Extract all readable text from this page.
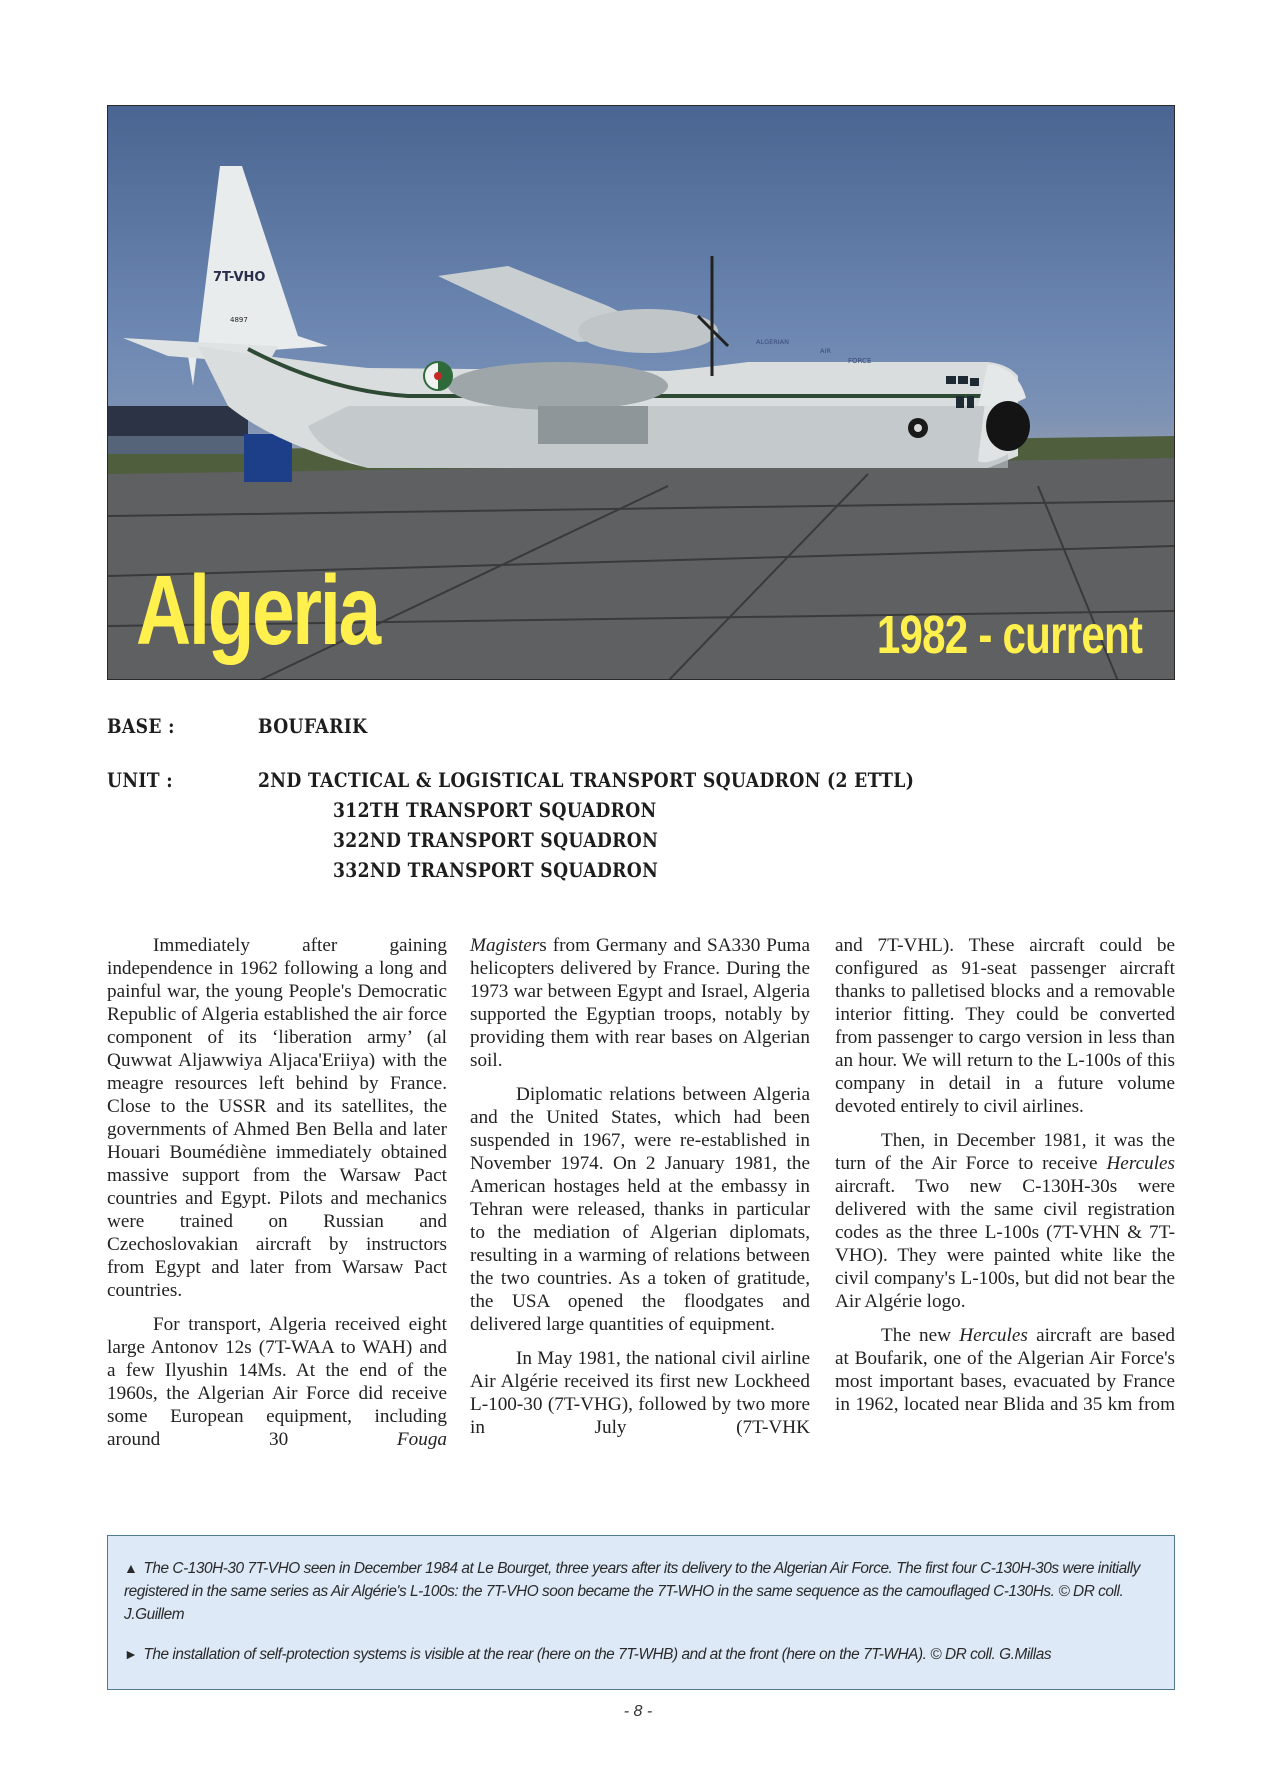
7T-VHO
4897
ALGERIAN
AIR
FORCE
Algeria	1982 - current
BASE :	BOUFARIK
UNIT :	2ND TACTICAL & LOGISTICAL TRANSPORT SQUADRON (2 ETTL)
312TH TRANSPORT SQUADRON
322ND TRANSPORT SQUADRON
332ND TRANSPORT SQUADRON

Immediately after gaining independence in 1962 following a long and painful war, the young People's Democratic Republic of Algeria established the air force component of its ‘liberation army’ (al Quwwat Aljawwiya Aljaca'Eriiya) with the meagre resources left behind by France. Close to the USSR and its satellites, the governments of Ahmed Ben Bella and later Houari Boumédiène immediately obtained massive support from the Warsaw Pact countries and Egypt. Pilots and mechanics were trained on Russian and Czechoslovakian aircraft by instructors from Egypt and later from Warsaw Pact countries.

For transport, Algeria received eight large Antonov 12s (7T-WAA to WAH) and a few Ilyushin 14Ms. At the end of the 1960s, the Algerian Air Force did receive some European equipment, including around 30	Fouga

Magisters from Germany and SA330 Puma helicopters delivered by France. During the 1973 war between Egypt and Israel, Algeria supported the Egyptian troops, notably by providing them with rear bases on Algerian soil.

Diplomatic relations between Algeria and the United States, which had been suspended in 1967, were re-established in November 1974. On 2 January 1981, the American hostages held at the embassy in Tehran were released, thanks in particular to the mediation of Algerian diplomats, resulting in a warming of relations between the two countries. As a token of gratitude, the USA opened the floodgates and delivered large quantities of equipment.

In May 1981, the national civil airline Air Algérie received its first new Lockheed L-100-30 (7T-VHG), followed by two more in July (7T-VHK

and 7T-VHL). These aircraft could be configured as 91-seat passenger aircraft thanks to palletised blocks and a removable interior fitting. They could be converted from passenger to cargo version in less than an hour. We will return to the L-100s of this company in detail in a future volume devoted entirely to civil airlines.

Then, in December 1981, it was the turn of the Air Force to receive Hercules aircraft. Two new C-130H-30s were delivered with the same civil registration codes as the three L-100s (7T-VHN & 7T-VHO). They were painted white like the civil company's L-100s, but did not bear the Air Algérie logo.

The new Hercules aircraft are based at Boufarik, one of the Algerian Air Force's most important bases, evacuated by France in 1962, located near Blida and 35 km from

▲ The C-130H-30 7T-VHO seen in December 1984 at Le Bourget, three years after its delivery to the Algerian Air Force. The first four C-130H-30s were initially registered in the same series as Air Algérie's L-100s: the 7T-VHO soon became the 7T-WHO in the same sequence as the camouflaged C-130Hs. © DR coll. J.Guillem

► The installation of self-protection systems is visible at the rear (here on the 7T-WHB) and at the front (here on the 7T-WHA). © DR coll. G.Millas

- 8 -
